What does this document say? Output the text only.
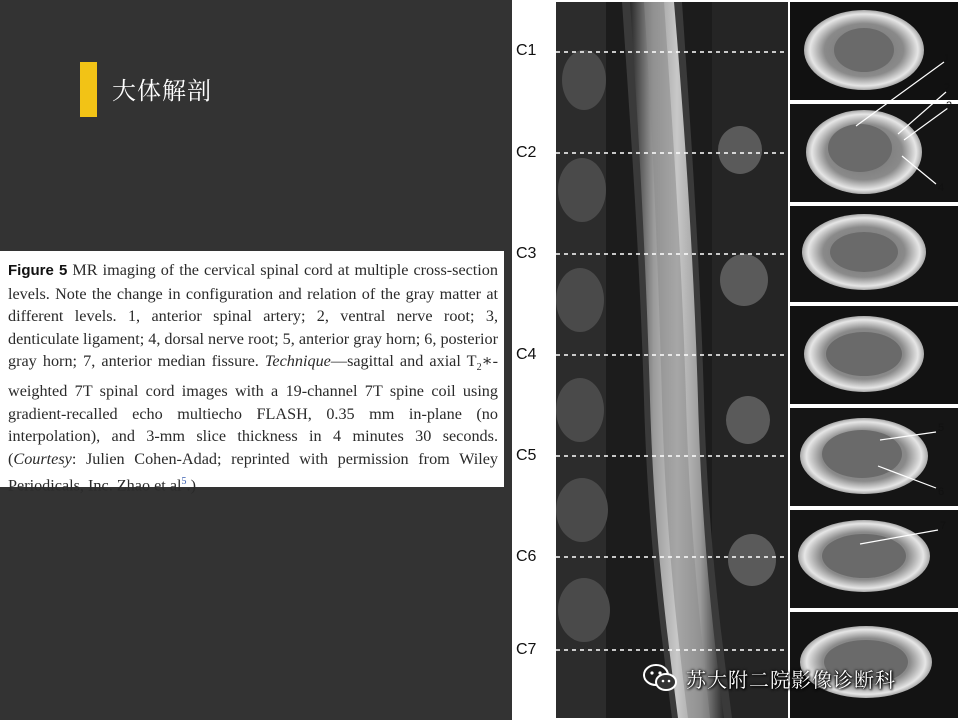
大体解剖
Figure 5 MR imaging of the cervical spinal cord at multiple cross-section levels. Note the change in configuration and relation of the gray matter at different levels. 1, anterior spinal artery; 2, ventral nerve root; 3, denticulate ligament; 4, dorsal nerve root; 5, anterior gray horn; 6, posterior gray horn; 7, anterior median fissure. Technique—sagittal and axial $T_2∗$-weighted 7T spinal cord images with a 19-channel 7T spine coil using gradient-recalled echo multiecho FLASH, 0.35 mm in-plane (no interpolation), and 3-mm slice thickness in 4 minutes 30 seconds. (Courtesy: Julien Cohen-Adad; reprinted with permission from Wiley Periodicals, Inc. Zhao et $al^5$.)
C1
C2
C3
C4
C5
C6
C7
1
2
3
4
5
6
7
苏大附二院影像诊断科
